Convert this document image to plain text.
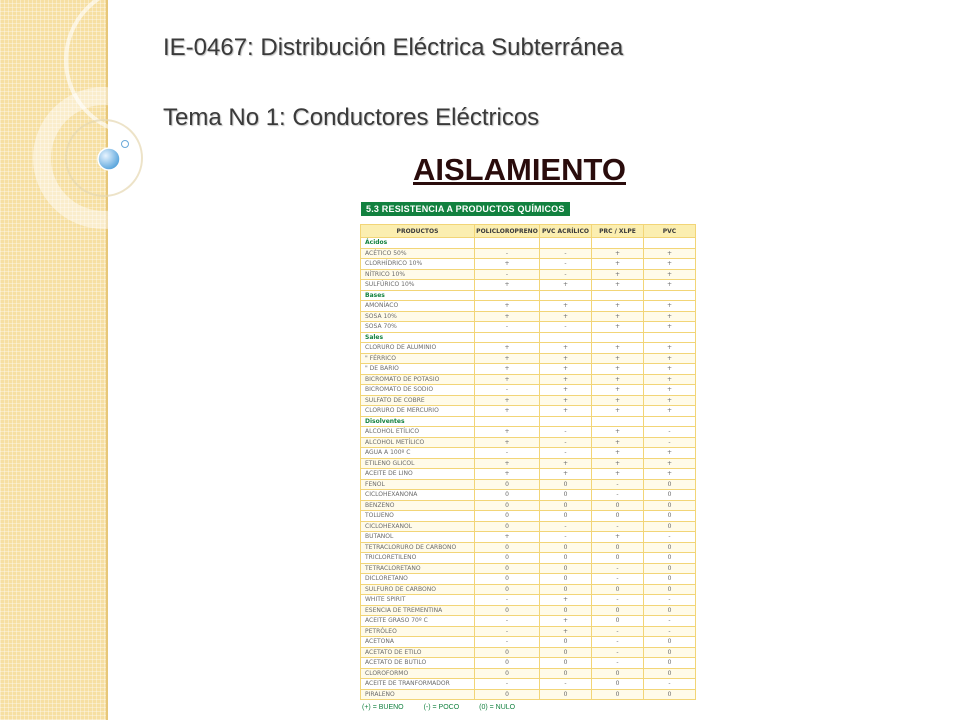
IE-0467: Distribución Eléctrica Subterránea
Tema No 1: Conductores Eléctricos
AISLAMIENTO
5.3 RESISTENCIA A PRODUCTOS QUÍMICOS
PRODUCTOS	POLICLOROPRENO	PVC ACRÍLICO	PRC / XLPE	PVC
Ácidos				
ACÉTICO 50%	-	-	+	+
CLORHÍDRICO 10%	+	-	+	+
NÍTRICO 10%	-	-	+	+
SULFÚRICO 10%	+	+	+	+
Bases				
AMONÍACO	+	+	+	+
SOSA 10%	+	+	+	+
SOSA 70%	-	-	+	+
Sales				
CLORURO DE ALUMINIO	+	+	+	+
" FÉRRICO	+	+	+	+
" DE BARIO	+	+	+	+
BICROMATO DE POTASIO	+	+	+	+
BICROMATO DE SODIO	-	+	+	+
SULFATO DE COBRE	+	+	+	+
CLORURO DE MERCURIO	+	+	+	+
Disolventes				
ALCOHOL ETÍLICO	+	-	+	-
ALCOHOL METÍLICO	+	-	+	-
AGUA A 100º C	-	-	+	+
ETILENO GLICOL	+	+	+	+
ACEITE DE LINO	+	+	+	+
FENOL	0	0	-	0
CICLOHEXANONA	0	0	-	0
BENZENO	0	0	0	0
TOLUENO	0	0	0	0
CICLOHEXANOL	0	-	-	0
BUTANOL	+	-	+	-
TETRACLORURO DE CARBONO	0	0	0	0
TRICLORETILENO	0	0	0	0
TETRACLORETANO	0	0	-	0
DICLORETANO	0	0	-	0
SULFURO DE CARBONO	0	0	0	0
WHITE SPIRIT	-	+	-	-
ESENCIA DE TREMENTINA	0	0	0	0
ACEITE GRASO 70º C	-	+	0	-
PETRÓLEO	-	+	-	-
ACETONA	-	0	-	0
ACETATO DE ETILO	0	0	-	0
ACETATO DE BUTILO	0	0	-	0
CLOROFORMO	0	0	0	0
ACEITE DE TRANFORMADOR	-	-	0	-
PIRALENO	0	0	0	0
(+) = BUENO	(-) = POCO	(0) = NULO
